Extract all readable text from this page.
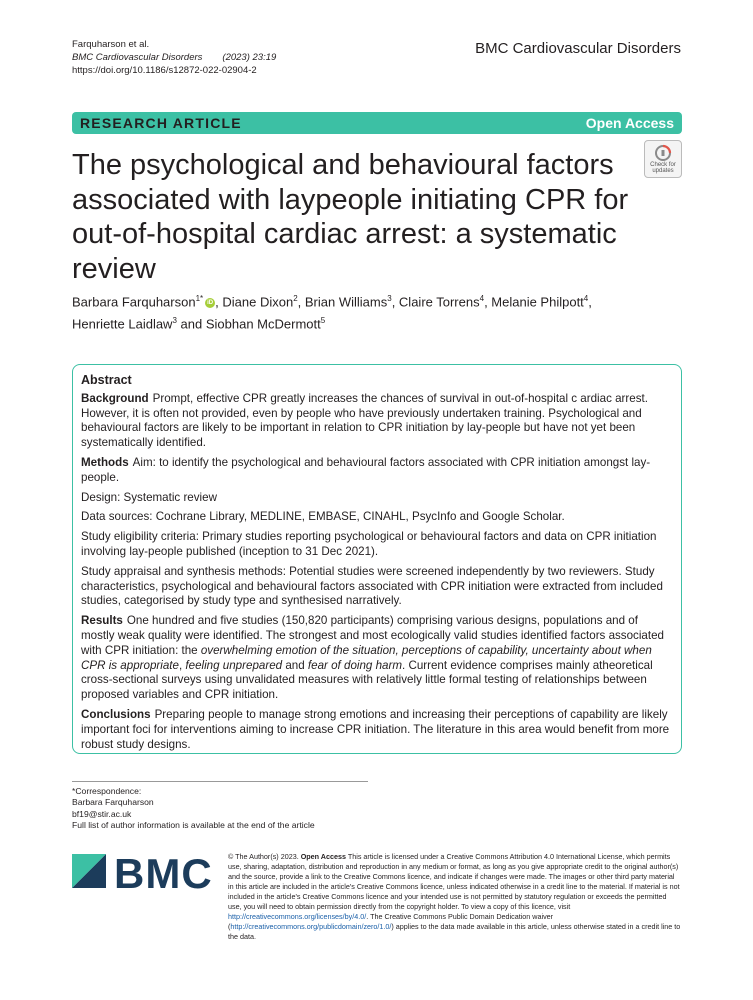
Farquharson et al.
BMC Cardiovascular Disorders (2023) 23:19
https://doi.org/10.1186/s12872-022-02904-2
BMC Cardiovascular Disorders
RESEARCH ARTICLE	Open Access
The psychological and behavioural factors associated with laypeople initiating CPR for out-of-hospital cardiac arrest: a systematic review
Check for
updates
Barbara Farquharson$^{1*}$ iD , Diane Dixon$^2$, Brian Williams$^3$, Claire Torrens$^4$, Melanie Philpott$^4$,
Henriette Laidlaw$^3$ and Siobhan McDermott$^5$
Abstract

Background Prompt, effective CPR greatly increases the chances of survival in out-of-hospital c ardiac arrest. However, it is often not provided, even by people who have previously undertaken training. Psychological and behavioural factors are likely to be important in relation to CPR initiation by lay-people but have not yet been systematically identified.

Methods Aim: to identify the psychological and behavioural factors associated with CPR initiation amongst lay-people.

Design: Systematic review

Data sources: Cochrane Library, MEDLINE, EMBASE, CINAHL, PsycInfo and Google Scholar.

Study eligibility criteria: Primary studies reporting psychological or behavioural factors and data on CPR initiation involving lay-people published (inception to 31 Dec 2021).

Study appraisal and synthesis methods: Potential studies were screened independently by two reviewers. Study characteristics, psychological and behavioural factors associated with CPR initiation were extracted from included studies, categorised by study type and synthesised narratively.

Results One hundred and five studies (150,820 participants) comprising various designs, populations and of mostly weak quality were identified. The strongest and most ecologically valid studies identified factors associated with CPR initiation: the overwhelming emotion of the situation, perceptions of capability, uncertainty about when CPR is appropriate, feeling unprepared and fear of doing harm. Current evidence comprises mainly atheoretical cross-sectional surveys using unvalidated measures with relatively little formal testing of relationships between proposed variables and CPR initiation.

Conclusions Preparing people to manage strong emotions and increasing their perceptions of capability are likely important foci for interventions aiming to increase CPR initiation. The literature in this area would benefit from more robust study designs.

*Correspondence:
Barbara Farquharson
bf19@stir.ac.uk
Full list of author information is available at the end of the article
BMC © The Author(s) 2023. Open Access This article is licensed under a Creative Commons Attribution 4.0 International License, which permits use, sharing, adaptation, distribution and reproduction in any medium or format, as long as you give appropriate credit to the original author(s) and the source, provide a link to the Creative Commons licence, and indicate if changes were made. The images or other third party material in this article are included in the article's Creative Commons licence, unless indicated otherwise in a credit line to the material. If material is not included in the article's Creative Commons licence and your intended use is not permitted by statutory regulation or exceeds the permitted use, you will need to obtain permission directly from the copyright holder. To view a copy of this licence, visit http://creativecommons.org/licenses/by/4.0/. The Creative Commons Public Domain Dedication waiver (http://creativecommons.org/publicdomain/zero/1.0/) applies to the data made available in this article, unless otherwise stated in a credit line to the data.
